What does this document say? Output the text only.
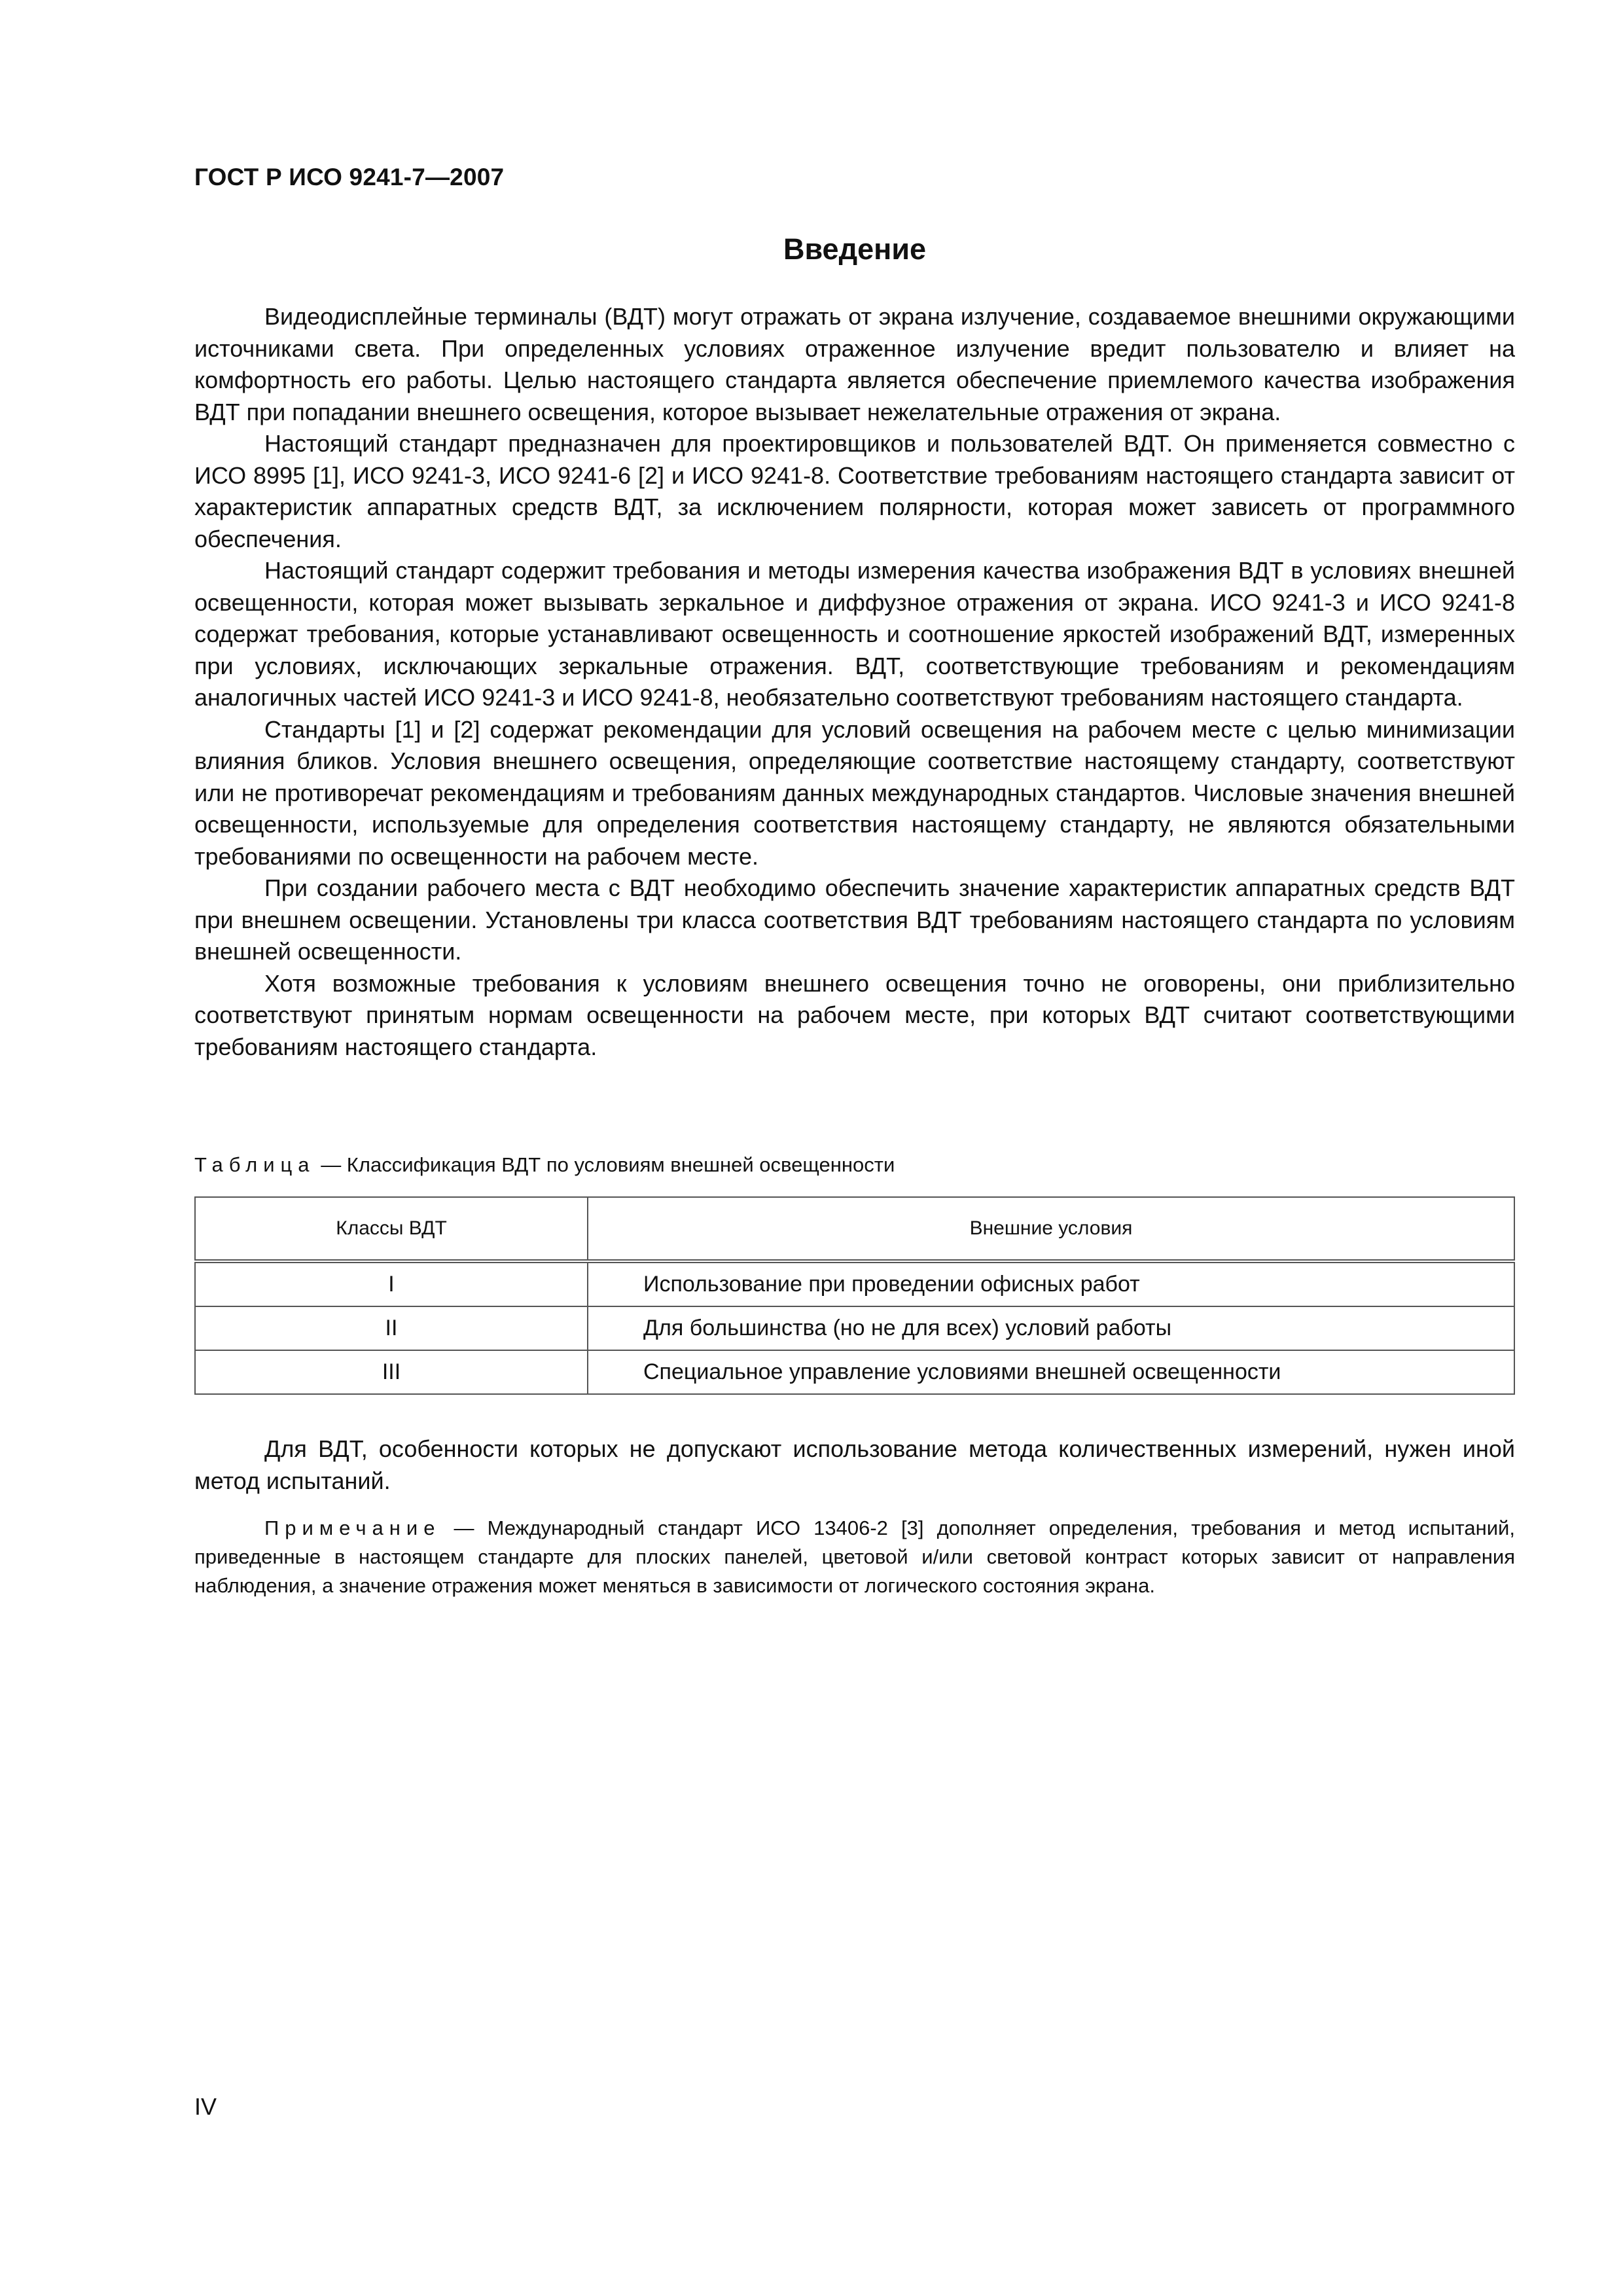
ГОСТ Р ИСО 9241-7—2007
Введение

Видеодисплейные терминалы (ВДТ) могут отражать от экрана излучение, создаваемое внешними окружающими источниками света. При определенных условиях отраженное излучение вредит пользователю и влияет на комфортность его работы. Целью настоящего стандарта является обеспечение приемлемого качества изображения ВДТ при попадании внешнего освещения, которое вызывает нежелательные отражения от экрана.

Настоящий стандарт предназначен для проектировщиков и пользователей ВДТ. Он применяется совместно с ИСО 8995 [1], ИСО 9241-3, ИСО 9241-6 [2] и ИСО 9241-8. Соответствие требованиям настоящего стандарта зависит от характеристик аппаратных средств ВДТ, за исключением полярности, которая может зависеть от программного обеспечения.

Настоящий стандарт содержит требования и методы измерения качества изображения ВДТ в условиях внешней освещенности, которая может вызывать зеркальное и диффузное отражения от экрана. ИСО 9241-3 и ИСО 9241-8 содержат требования, которые устанавливают освещенность и соотношение яркостей изображений ВДТ, измеренных при условиях, исключающих зеркальные отражения. ВДТ, соответствующие требованиям и рекомендациям аналогичных частей ИСО 9241-3 и ИСО 9241-8, необязательно соответствуют требованиям настоящего стандарта.

Стандарты [1] и [2] содержат рекомендации для условий освещения на рабочем месте с целью минимизации влияния бликов. Условия внешнего освещения, определяющие соответствие настоящему стандарту, соответствуют или не противоречат рекомендациям и требованиям данных международных стандартов. Числовые значения внешней освещенности, используемые для определения соответствия настоящему стандарту, не являются обязательными требованиями по освещенности на рабочем месте.

При создании рабочего места с ВДТ необходимо обеспечить значение характеристик аппаратных средств ВДТ при внешнем освещении. Установлены три класса соответствия ВДТ требованиям настоящего стандарта по условиям внешней освещенности.

Хотя возможные требования к условиям внешнего освещения точно не оговорены, они приблизительно соответствуют принятым нормам освещенности на рабочем месте, при которых ВДТ считают соответствующими требованиям настоящего стандарта.

Таблица — Классификация ВДТ по условиям внешней освещенности
Классы ВДТ	Внешние условия
I	Использование при проведении офисных работ
II	Для большинства (но не для всех) условий работы
III	Специальное управление условиями внешней освещенности

Для ВДТ, особенности которых не допускают использование метода количественных измерений, нужен иной метод испытаний.

Примечание — Международный стандарт ИСО 13406-2 [3] дополняет определения, требования и метод испытаний, приведенные в настоящем стандарте для плоских панелей, цветовой и/или световой контраст которых зависит от направления наблюдения, а значение отражения может меняться в зависимости от логического состояния экрана.

IV
